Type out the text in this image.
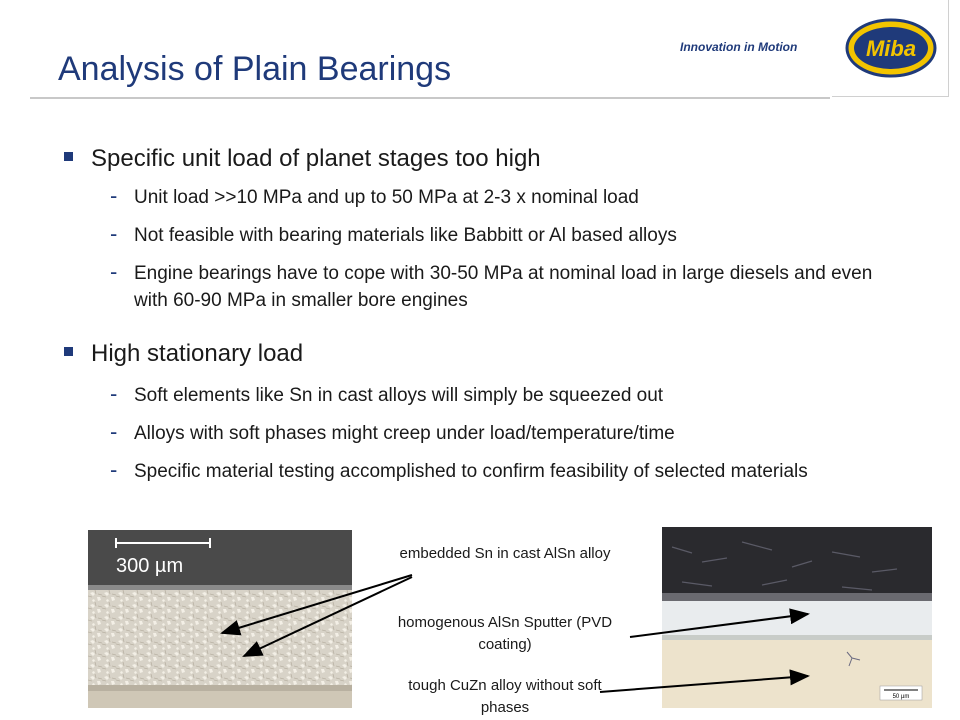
Analysis of Plain Bearings
Innovation in Motion	Miba
Specific unit load of planet stages too high
- Unit load >>10 MPa and up to 50 MPa at 2-3 x nominal load
- Not feasible with bearing materials like Babbitt or Al based alloys
- Engine bearings have to cope with 30-50 MPa at nominal load in large diesels and even with 60-90 MPa in smaller bore engines
High stationary load
- Soft elements like Sn in cast alloys will simply be squeezed out
- Alloys with soft phases might creep under load/temperature/time
- Specific material testing accomplished to confirm feasibility of selected materials
300 µm
50 µm
embedded Sn in cast AlSn alloy
homogenous AlSn Sputter (PVD coating)
tough CuZn alloy without soft phases
